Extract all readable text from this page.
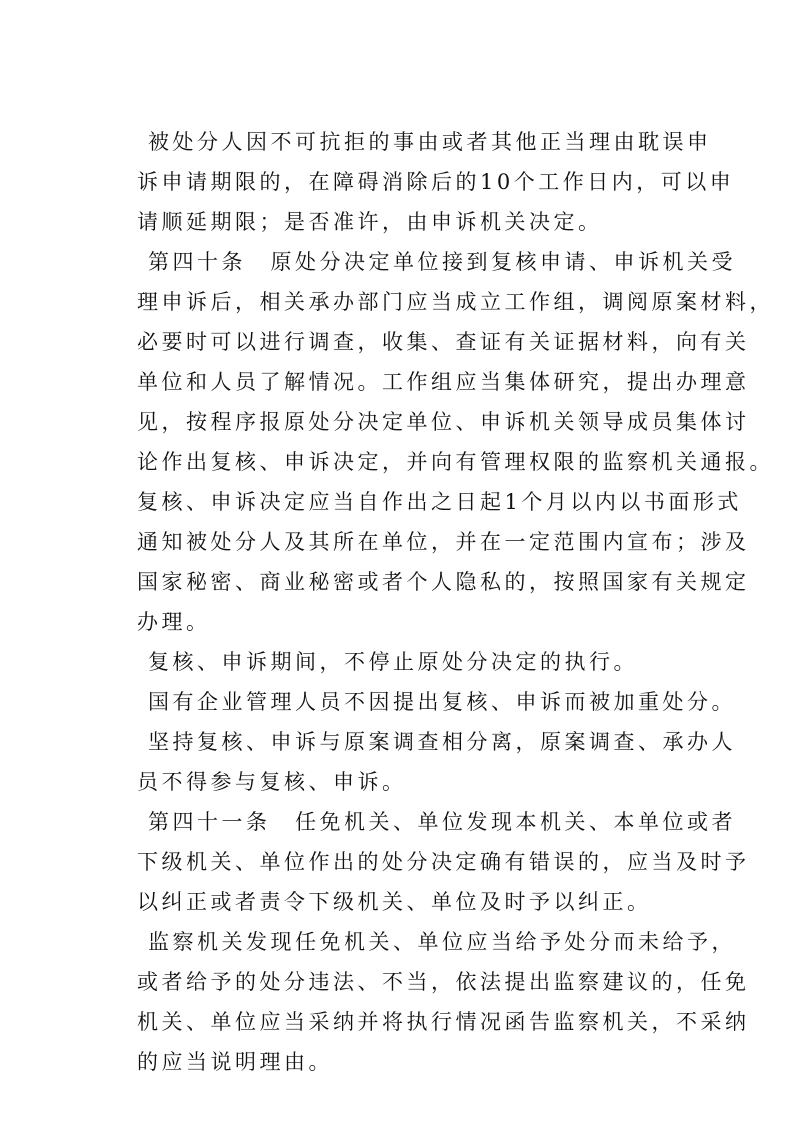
被处分人因不可抗拒的事由或者其他正当理由耽误申
诉申请期限的，在障碍消除后的10个工作日内，可以申
请顺延期限；是否准许，由申诉机关决定。
第四十条　原处分决定单位接到复核申请、申诉机关受
理申诉后，相关承办部门应当成立工作组，调阅原案材料，
必要时可以进行调查，收集、查证有关证据材料，向有关
单位和人员了解情况。工作组应当集体研究，提出办理意
见，按程序报原处分决定单位、申诉机关领导成员集体讨
论作出复核、申诉决定，并向有管理权限的监察机关通报。
复核、申诉决定应当自作出之日起1个月以内以书面形式
通知被处分人及其所在单位，并在一定范围内宣布；涉及
国家秘密、商业秘密或者个人隐私的，按照国家有关规定
办理。
复核、申诉期间，不停止原处分决定的执行。
国有企业管理人员不因提出复核、申诉而被加重处分。
坚持复核、申诉与原案调查相分离，原案调查、承办人
员不得参与复核、申诉。
第四十一条　任免机关、单位发现本机关、本单位或者
下级机关、单位作出的处分决定确有错误的，应当及时予
以纠正或者责令下级机关、单位及时予以纠正。
监察机关发现任免机关、单位应当给予处分而未给予，
或者给予的处分违法、不当，依法提出监察建议的，任免
机关、单位应当采纳并将执行情况函告监察机关，不采纳
的应当说明理由。
